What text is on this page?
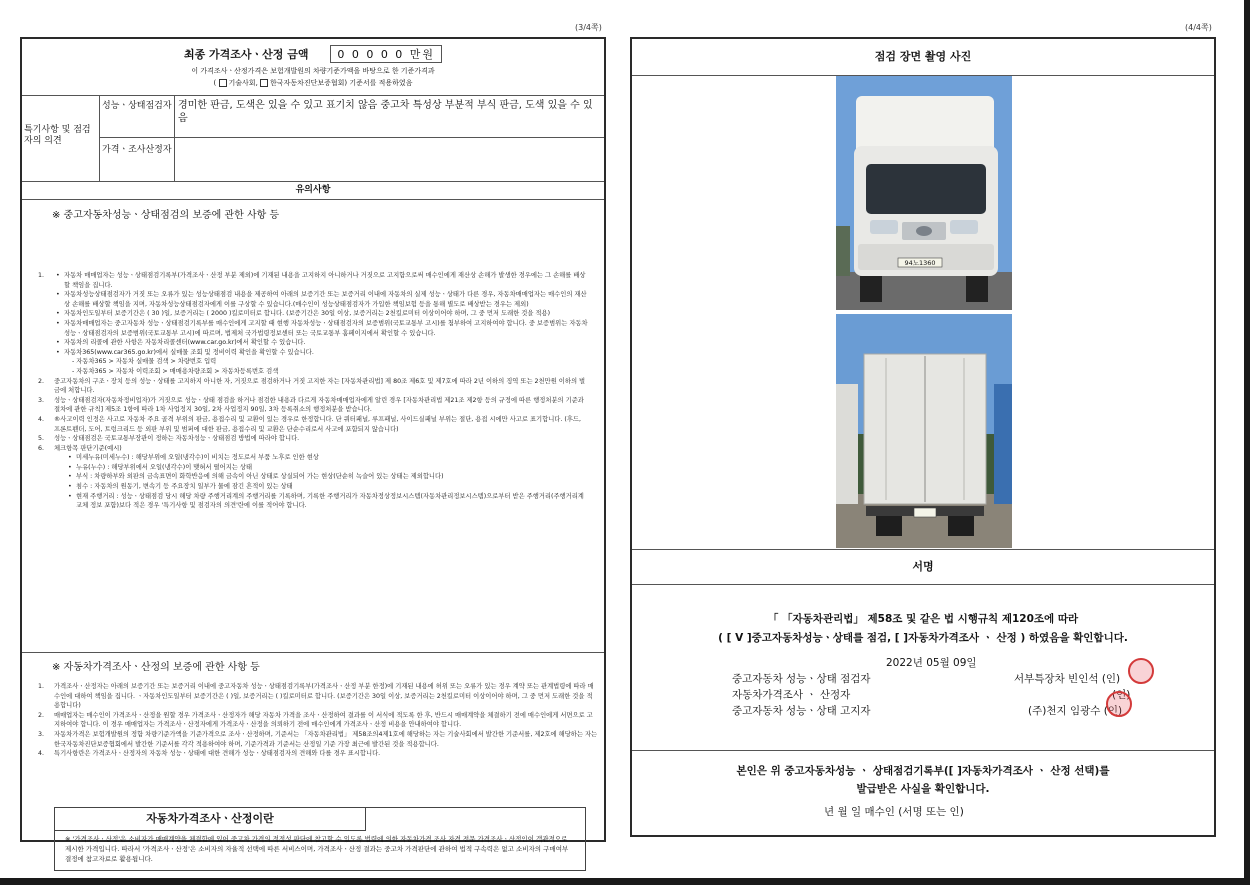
(3/4쪽)
최종 가격조사ㆍ산정 금액	0 0 0 0 0 만원
이 가격조사ㆍ산정가격은 보험개발원의 차량기준가액을 바탕으로 한 기준가격과
( 기술사회, 한국자동차진단보증협회) 기준서를 적용하였음
특기사항 및 점검자의 의견
성능ㆍ상태점검자 경미한 판금, 도색은 있을 수 있고 표기치 않음 중고차 특성상 부분적 부식 판금, 도색 있을 수 있음
가격ㆍ조사산정자
유의사항
※ 중고자동차성능ㆍ상태점검의 보증에 관한 사항 등
1.
•	자동차 매매업자는 성능ㆍ상태점검기록부(가격조사ㆍ산정 부분 제외)에 기재된 내용을 고지하지 아니하거나 거짓으로 고지함으로써 매수인에게 재산상 손해가 발생한 경우에는 그 손해를 배상할 책임을 집니다.
• 자동차성능상태점검자가 거짓 또는 오류가 있는 성능상태점검 내용을 제공하여 아래의 보증기간 또는 보증거리 이내에 자동차의 실제 성능ㆍ상태가 다른 경우, 자동차매매업자는 매수인의 재산상 손해를 배상할 책임을 지며, 자동차성능상태점검자에게 이를 구상할 수 있습니다.(매수인이 성능상태점검자가 가입한 책임보험 등을 통해 별도로 배상받는 경우는 제외)
• 자동차인도일부터 보증기간은 ( 30 )일, 보증거리는 ( 2000 )킬로미터로 합니다. (보증기간은 30일 이상, 보증거리는 2천킬로미터 이상이어야 하며, 그 중 먼저 도래한 것을 적용)
• 자동차매매업자는 중고자동차 성능ㆍ상태점검기록부를 매수인에게 고지할 때 현행 자동차성능ㆍ상태점검자의 보증범위(국토교통부 고시)를 첨부하여 고지하여야 합니다. 중 보증범위는 자동차성능ㆍ상태점검자의 보증범위(국토교통부 고시)에 따르며, 법제처 국가법령정보센터 또는 국토교통부 홈페이지에서 확인할 수 있습니다.
• 자동차의 리콜에 관한 사항은 자동차리콜센터(www.car.go.kr)에서 확인할 수 있습니다.
• 자동차365(www.car365.go.kr)에서 실매물 조회 및 정비이력 확인을 확인할 수 있습니다.
- 자동차365 > 자동차 실매물 검색 > 차량번호 입력
- 자동차365 > 자동차 이력조회 > 매매용차량조회 > 자동차등록번호 검색
2. 중고자동차의 구조ㆍ장치 등의 성능ㆍ상태를 고지하지 아니한 자, 거짓으로 점검하거나 거짓 고지한 자는 [자동차관리법] 제 80조 제6호 및 제7호에 따라 2년 이하의 징역 또는 2천만원 이하의 벌금에 처합니다.
3. 성능ㆍ상태점검자(자동차정비업자)가 거짓으로 성능ㆍ상태 점검을 하거나 점검한 내용과 다르게 자동차매매업자에게 알린 경우 [자동차관리법 제21조 제2항 등의 규정에 따른 행정처분의 기준과 절차에 관한 규칙] 제5조 1항에 따라 1차 사업정지 30일, 2차 사업정지 90일, 3차 등록취소의 행정처분을 받습니다.
4. ®사고이력 인정은 사고로 자동차 주요 골격 부위의 판금, 용접수리 및 교환이 있는 경우로 한정합니다. 단 쿼터패널, 루프패널, 사이드실패널 부위는 절단, 용접 시에만 사고로 표기합니다. (후드, 프론트펜더, 도어, 트렁크리드 등 외판 부위 및 범퍼에 대한 판금, 용접수리 및 교환은 단순수리로서 사고에 포함되지 않습니다)
5. 성능ㆍ상태점검은 국토교통부장관이 정하는 자동차성능ㆍ상태점검 방법에 따라야 합니다.
6. 체크항목 판단기준(예시)
• 미세누유(미세누수) : 해당부위에 오일(냉각수)이 비치는 정도로서 부품 노후로 인한 현상
• 누유(누수) : 해당부위에서 오일(냉각수)이 맺혀서 떨어지는 상태
• 부식 : 차량하부와 외판의 금속표면이 화학반응에 의해 금속이 아닌 상태로 상실되어 가는 현상(단순히 녹슬어 있는 상태는 제외합니다)
• 침수 : 자동차의 원동기, 변속기 등 주요장치 일부가 물에 잠긴 흔적이 있는 상태
• 현재 주행거리 : 성능ㆍ상태점검 당시 해당 차량 주행거리계의 주행거리를 기록하며, 기록한 주행거리가 자동차정상정보시스템(자동차관리정보시스템)으로부터 받은 주행거리(주행거리계 교체 정보 포함)보다 적은 경우 '특기사항 및 점검자의 의견'란에 이를 적어야 합니다.
※ 자동차가격조사ㆍ산정의 보증에 관한 사항 등
1. 가격조사ㆍ산정자는 아래의 보증기간 또는 보증거리 이내에 중고자동차 성능ㆍ상태점검기록부(가격조사ㆍ산정 부분 한정)에 기재된 내용에 허위 또는 오류가 있는 경우 계약 또는 관계법령에 따라 매수인에 대하여 책임을 집니다. ㆍ자동차인도일부터 보증기간은 ( )일, 보증거리는 ( )킬로미터로 합니다. (보증기간은 30일 이상, 보증거리는 2천킬로미터 이상이어야 하며, 그 중 먼저 도래한 것을 적용합니다)
2. 매매업자는 매수인이 가격조사ㆍ산정을 원할 경우 가격조사ㆍ산정자가 해당 자동차 가격을 조사ㆍ산정하여 결과를 이 서식에 적도록 한 후, 반드시 매매계약을 체결하기 전에 매수인에게 서면으로 고지하여야 합니다. 이 경우 매매업자는 가격조사ㆍ산정자에게 가격조사ㆍ산정을 의뢰하기 전에 매수인에게 가격조사ㆍ산정 비용을 안내하여야 합니다.
3. 자동차가격은 보험개발원의 정함 차량기준가액을 기준가격으로 조사ㆍ산정하며, 기준서는 「자동차관리법」 제58조의4제1호에 해당하는 자는 기술사회에서 발간한 기준서를, 제2호에 해당하는 자는 한국자동차진단보증협회에서 발간한 기준서를 각각 적용하여야 하며, 기준가격과 기준서는 산정일 기준 가장 최근에 발간된 것을 적용합니다.
4. 특기사항란은 가격조사ㆍ산정자의 자동차 성능ㆍ상태에 대한 견해가 성능ㆍ상태점검자의 견해와 다를 경우 표시합니다.
자동차가격조사ㆍ산정이란
※ '가격조사ㆍ산정'은 소비자가 매매계약을 체결함에 있어 중고차 가격의 적정성 판단에 참고할 수 있도록 법령에 의한 자동차가격 조사 자격 전문 가격조사ㆍ산정인이 객관적으로 제시한 가격입니다. 따라서 '가격조사ㆍ산정'은 소비자의 자율적 선택에 따른 서비스이며, 가격조사ㆍ산정 결과는 중고차 가격판단에 관하여 법적 구속력은 없고 소비자의 구매여부 결정에 참고자료로 활용됩니다.
(4/4쪽)
점검 장면 촬영 사진
94노1360
서명
「 「자동차관리법」 제58조 및 같은 법 시행규칙 제120조에 따라
( [ V ]중고자동차성능ㆍ상태를 점검, [ ]자동차가격조사 ㆍ 산정 ) 하였음을 확인합니다.
2022년 05월 09일
중고자동차 성능ㆍ상태 점검자	서부특장차 빈인석 (인)
자동차가격조사 ㆍ 산정자	(인)
중고자동차 성능ㆍ상태 고지자	(주)천지 임광수 (인)
본인은 위 중고자동차성능 ㆍ 상태점검기록부([ ]자동차가격조사 ㆍ 산정 선택)를
발급받은 사실을 확인합니다.
년 월 일 매수인 (서명 또는 인)
